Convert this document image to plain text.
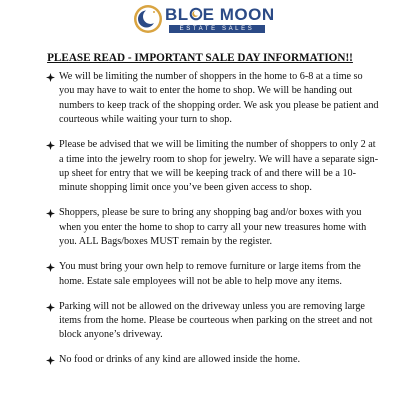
BL E MOON
ESTATE SALES
PLEASE READ - IMPORTANT SALE DAY INFORMATION!!
We will be limiting the number of shoppers in the home to 6-8 at a time so you may have to wait to enter the home to shop. We will be handing out numbers to keep track of the shopping order. We ask you please be patient and courteous while waiting your turn to shop.
Please be advised that we will be limiting the number of shoppers to only 2 at a time into the jewelry room to shop for jewelry. We will have a separate sign-up sheet for entry that we will be keeping track of and there will be a 10-minute shopping limit once you’ve been given access to shop.
Shoppers, please be sure to bring any shopping bag and/or boxes with you when you enter the home to shop to carry all your new treasures home with you. ALL Bags/boxes MUST remain by the register.
You must bring your own help to remove furniture or large items from the home. Estate sale employees will not be able to help move any items.
Parking will not be allowed on the driveway unless you are removing large items from the home. Please be courteous when parking on the street and not block anyone’s driveway.
No food or drinks of any kind are allowed inside the home.
